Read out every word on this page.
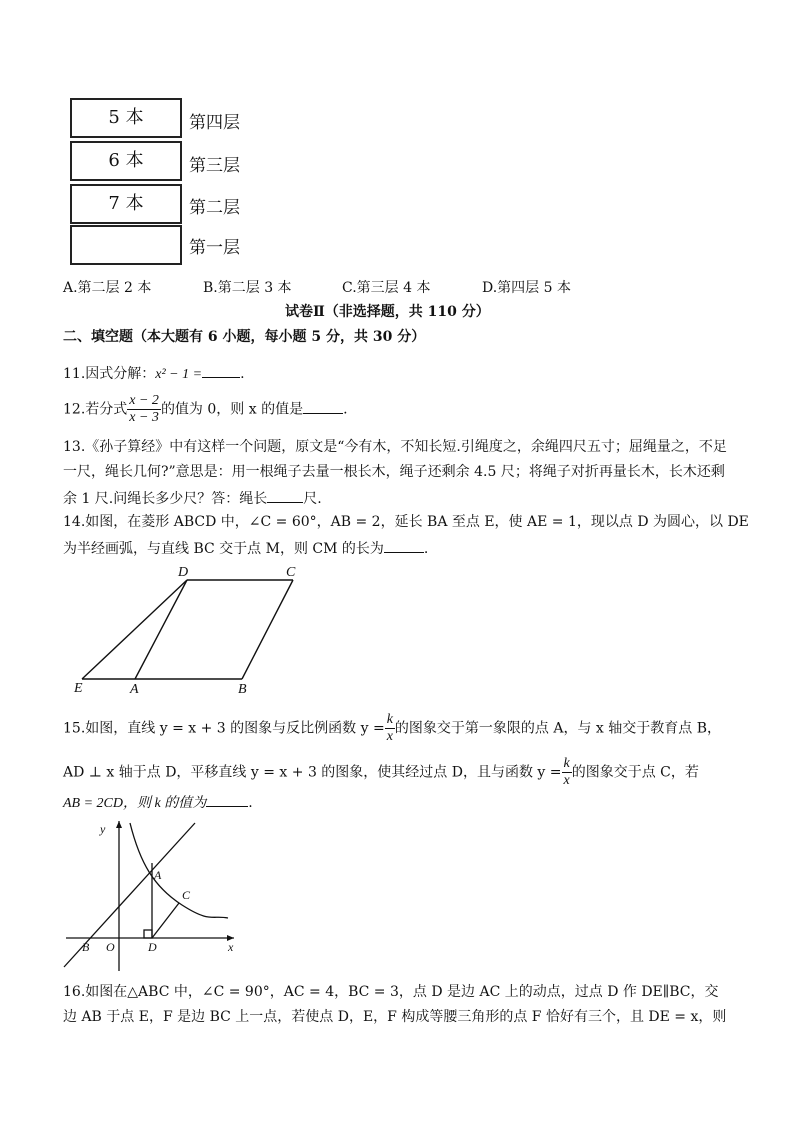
5 本
6 本
7 本
第四层
第三层
第二层
第一层
A.第二层 2 本	B.第二层 3 本	C.第三层 4 本	D.第四层 5 本
试卷Ⅱ（非选择题，共 110 分）
二、填空题（本大题有 6 小题，每小题 5 分，共 30 分）
11.因式分解：x² − 1 =	.
12.若分式 $\frac{x - 2}{x - 3}$ 的值为 0，则 x 的值是	.
13.《孙子算经》中有这样一个问题，原文是“今有木，不知长短.引绳度之，余绳四尺五寸；屈绳量之，不足
一尺，绳长几何?”意思是：用一根绳子去量一根长木，绳子还剩余 4.5 尺；将绳子对折再量长木，长木还剩
余 1 尺.问绳长多少尺？答：绳长	尺.
14.如图，在菱形 ABCD 中，∠C = 60°，AB = 2，延长 BA 至点 E，使 AE = 1，现以点 D 为圆心，以 DE
为半经画弧，与直线 BC 交于点 M，则 CM 的长为	.
D	C
E	A	B
15.如图，直线 y = x + 3 的图象与反比例函数 $y = \frac{k}{x}$ 的图象交于第一象限的点 A，与 x 轴交于教育点 B，
AD ⊥ x 轴于点 D，平移直线 y = x + 3 的图象，使其经过点 D，且与函数 $y = \frac{k}{x}$ 的图象交于点 C，若
AB = 2CD，则 k 的值为	.
y
x
A
C
B O	D
16.如图在△ABC 中，∠C = 90°，AC = 4，BC = 3，点 D 是边 AC 上的动点，过点 D 作 DE∥BC，交
边 AB 于点 E，F 是边 BC 上一点，若使点 D，E，F 构成等腰三角形的点 F 恰好有三个，且 DE = x，则
